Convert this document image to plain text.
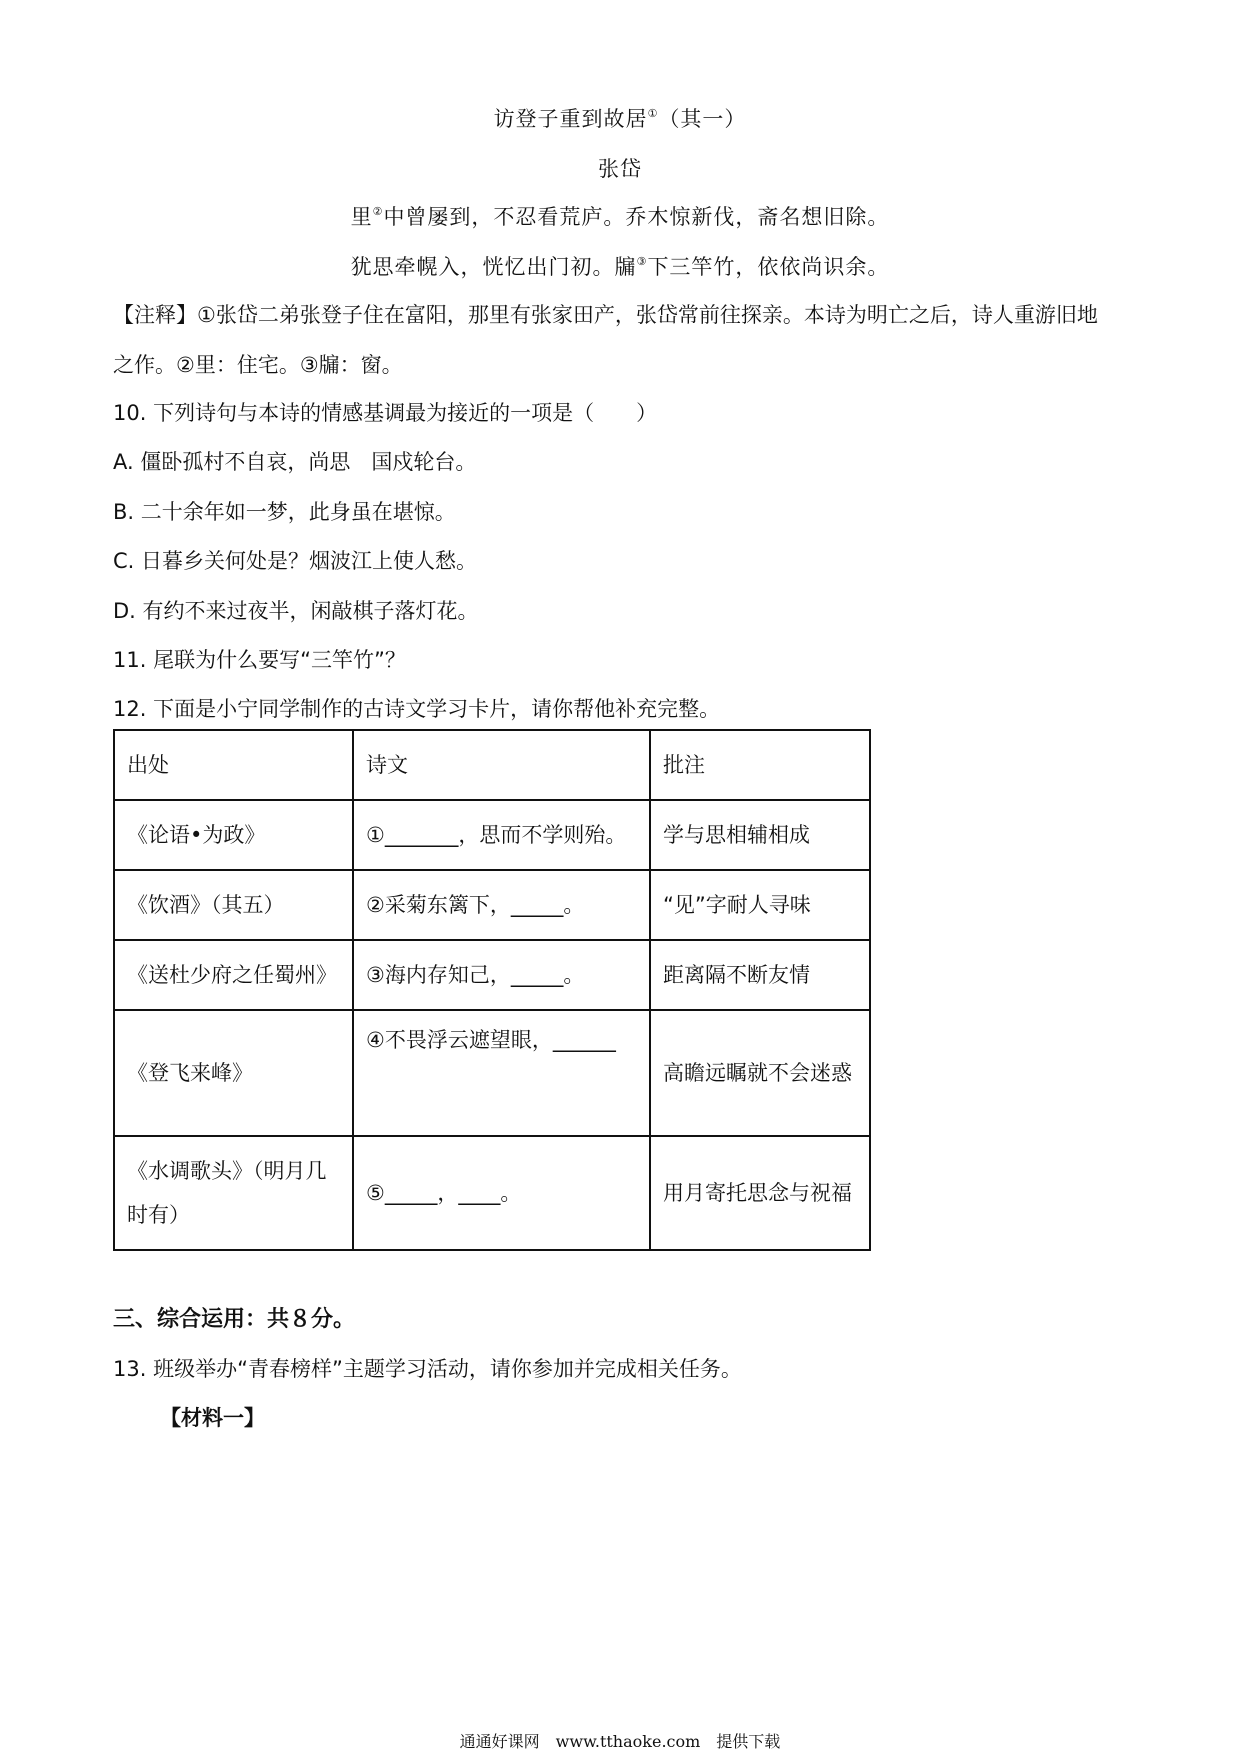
访登子重到故居①（其一）
张岱
里②中曾屡到，不忍看荒庐。乔木惊新伐，斋名想旧除。
犹思牵幌入，恍忆出门初。牖③下三竿竹，依依尚识余。
【注释】①张岱二弟张登子住在富阳，那里有张家田产，张岱常前往探亲。本诗为明亡之后，诗人重游旧地
之作。②里：住宅。③牖：窗。
10. 下列诗句与本诗的情感基调最为接近的一项是（　　）
A. 僵卧孤村不自哀，尚思　国戍轮台。
B. 二十余年如一梦，此身虽在堪惊。
C. 日暮乡关何处是？烟波江上使人愁。
D. 有约不来过夜半，闲敲棋子落灯花。
11. 尾联为什么要写“三竿竹”？
12. 下面是小宁同学制作的古诗文学习卡片，请你帮他补充完整。
出处	诗文	批注
《论语•为政》	①_______，思而不学则殆。	学与思相辅相成
《饮酒》（其五）	②采菊东篱下，_____。	“见”字耐人寻味
《送杜少府之任蜀州》	③海内存知己，_____。	距离隔不断友情
《登飞来峰》	④不畏浮云遮望眼，______	高瞻远瞩就不会迷惑
《水调歌头》（明月几时有）	⑤_____，____。	用月寄托思念与祝福
三、综合运用：共８分。
13. 班级举办“青春榜样”主题学习活动，请你参加并完成相关任务。
【材料一】
通通好课网　www.tthaoke.com　提供下载
